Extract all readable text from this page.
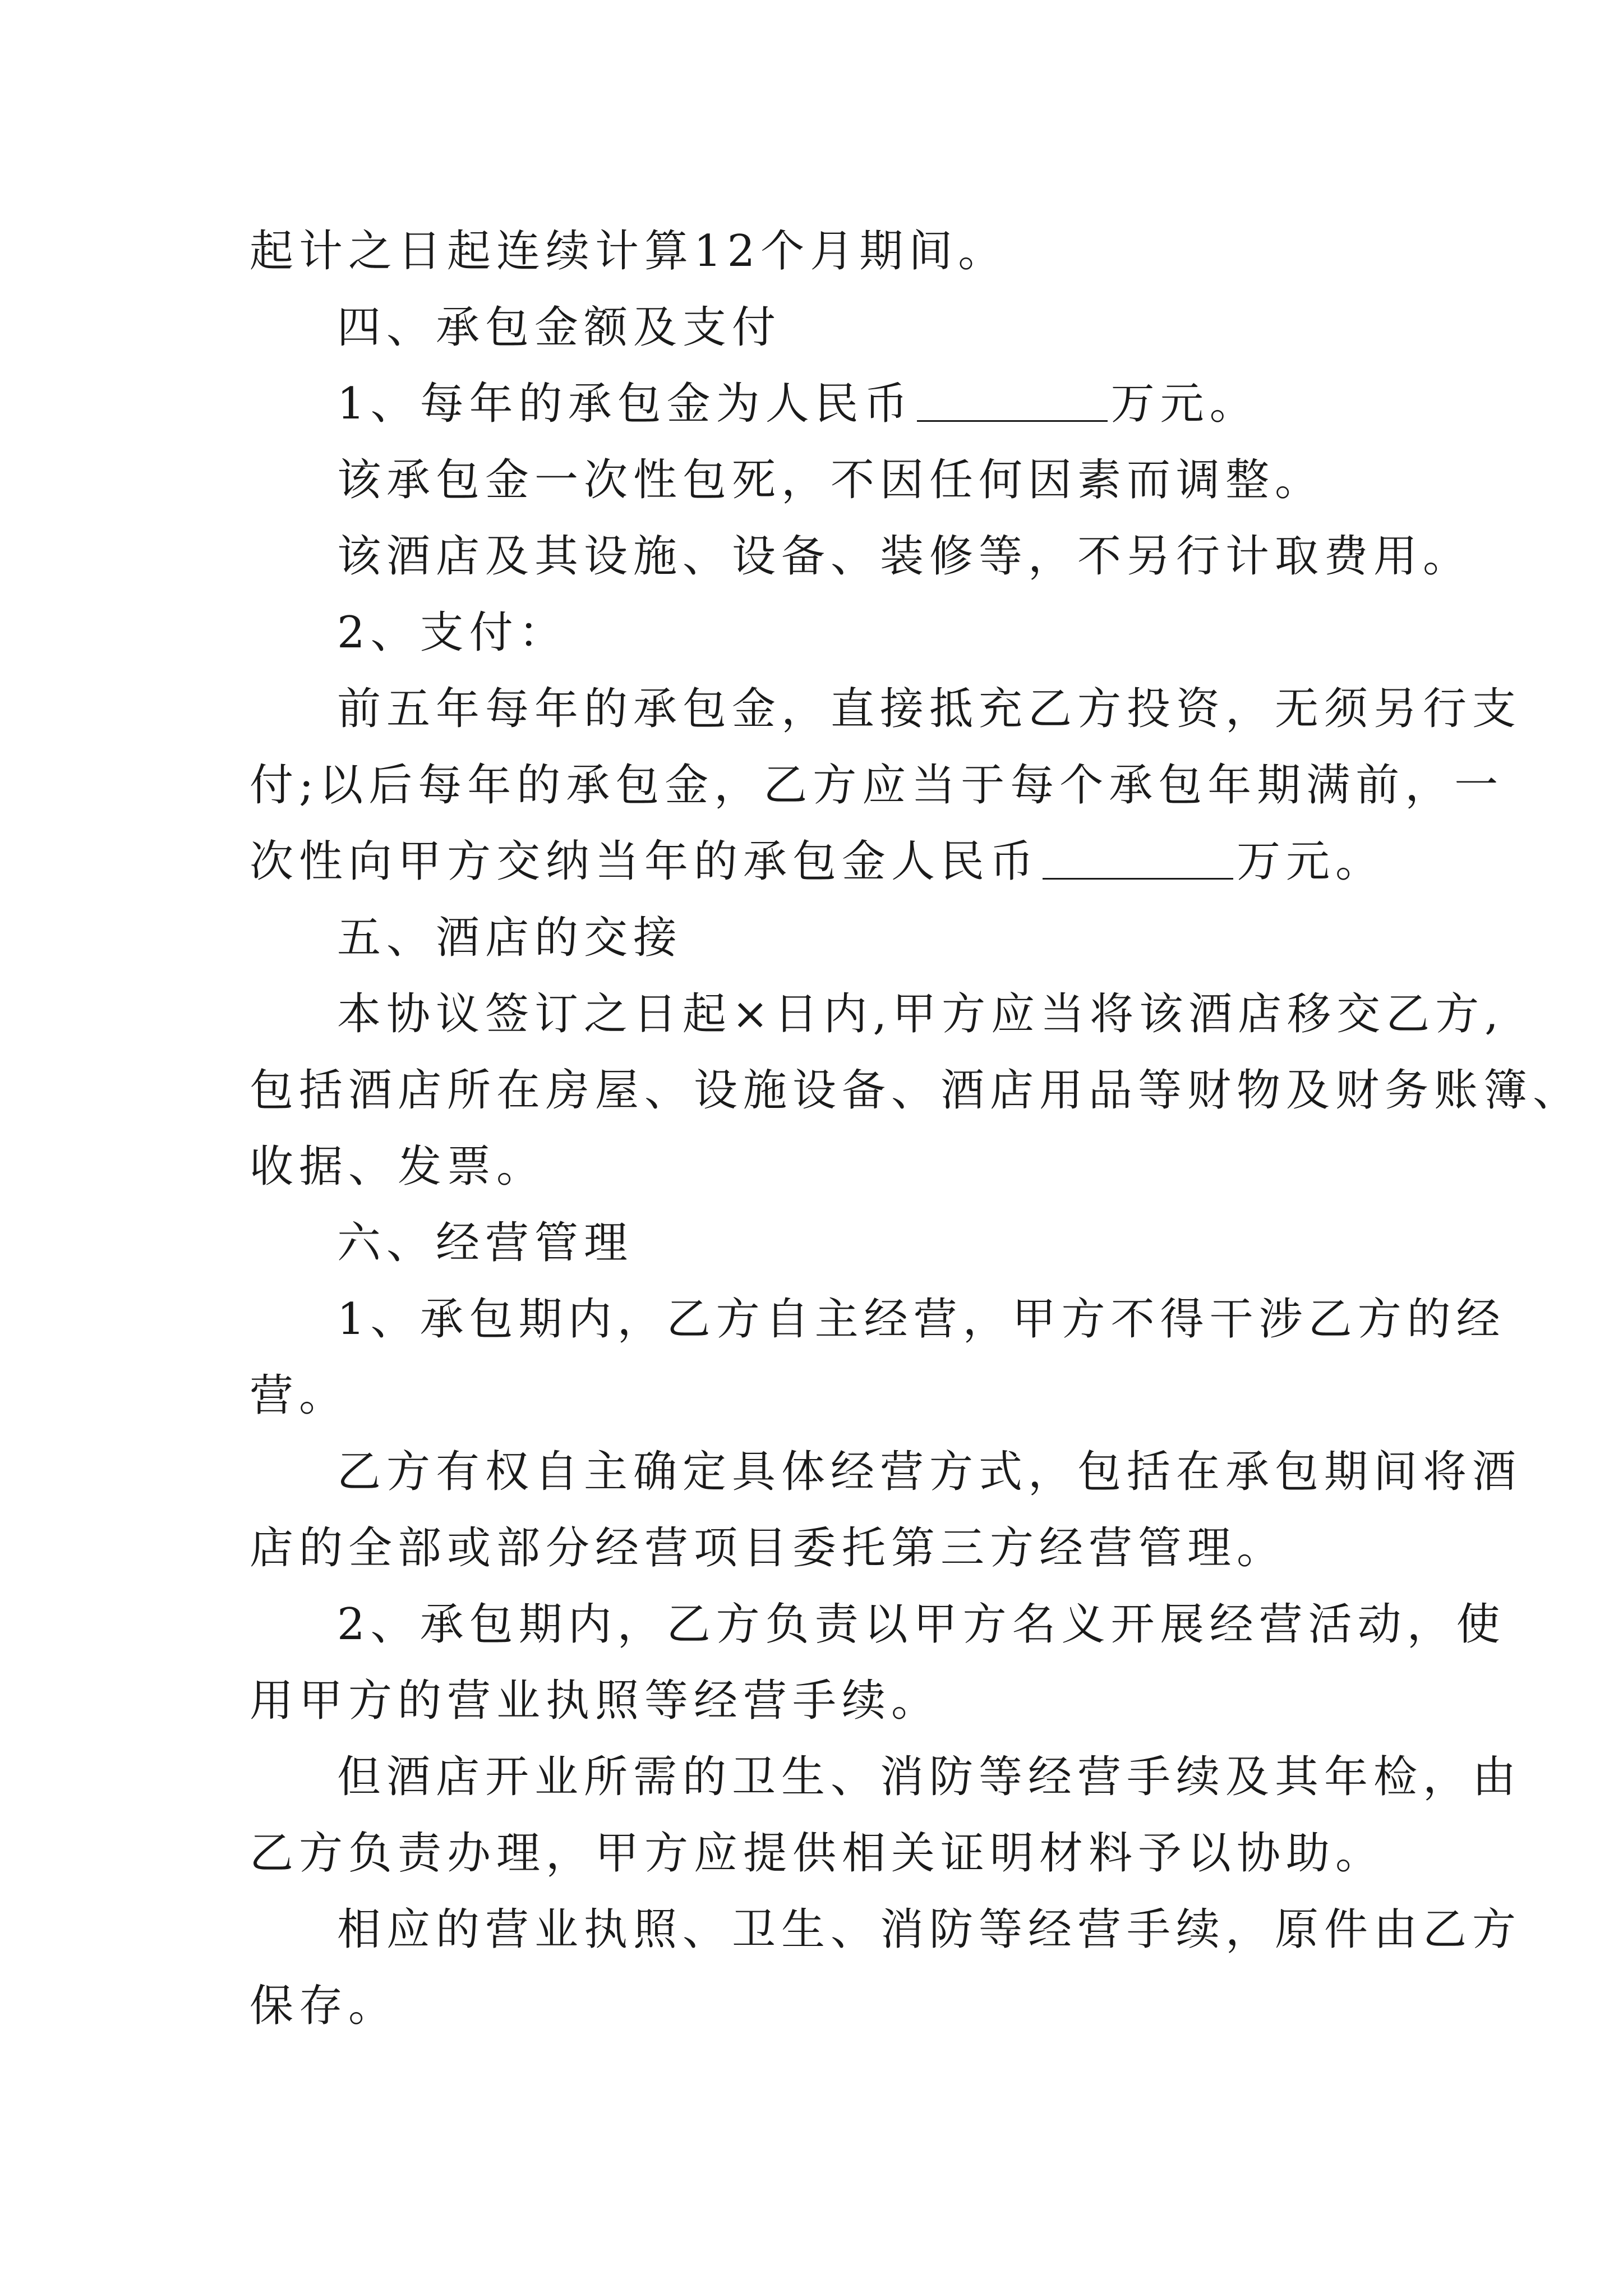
起计之日起连续计算12个月期间。
四、承包金额及支付
1、每年的承包金为人民币	万元。
该承包金一次性包死，不因任何因素而调整。
该酒店及其设施、设备、装修等，不另行计取费用。
2、支付：
前五年每年的承包金，直接抵充乙方投资，无须另行支
付;以后每年的承包金，乙方应当于每个承包年期满前，一
次性向甲方交纳当年的承包金人民币	万元。
五、酒店的交接
本协议签订之日起×日内,甲方应当将该酒店移交乙方,
包括酒店所在房屋、设施设备、酒店用品等财物及财务账簿、
收据、发票。
六、经营管理
1、承包期内，乙方自主经营，甲方不得干涉乙方的经
营。
乙方有权自主确定具体经营方式，包括在承包期间将酒
店的全部或部分经营项目委托第三方经营管理。
2、承包期内，乙方负责以甲方名义开展经营活动，使
用甲方的营业执照等经营手续。
但酒店开业所需的卫生、消防等经营手续及其年检，由
乙方负责办理，甲方应提供相关证明材料予以协助。
相应的营业执照、卫生、消防等经营手续，原件由乙方
保存。
